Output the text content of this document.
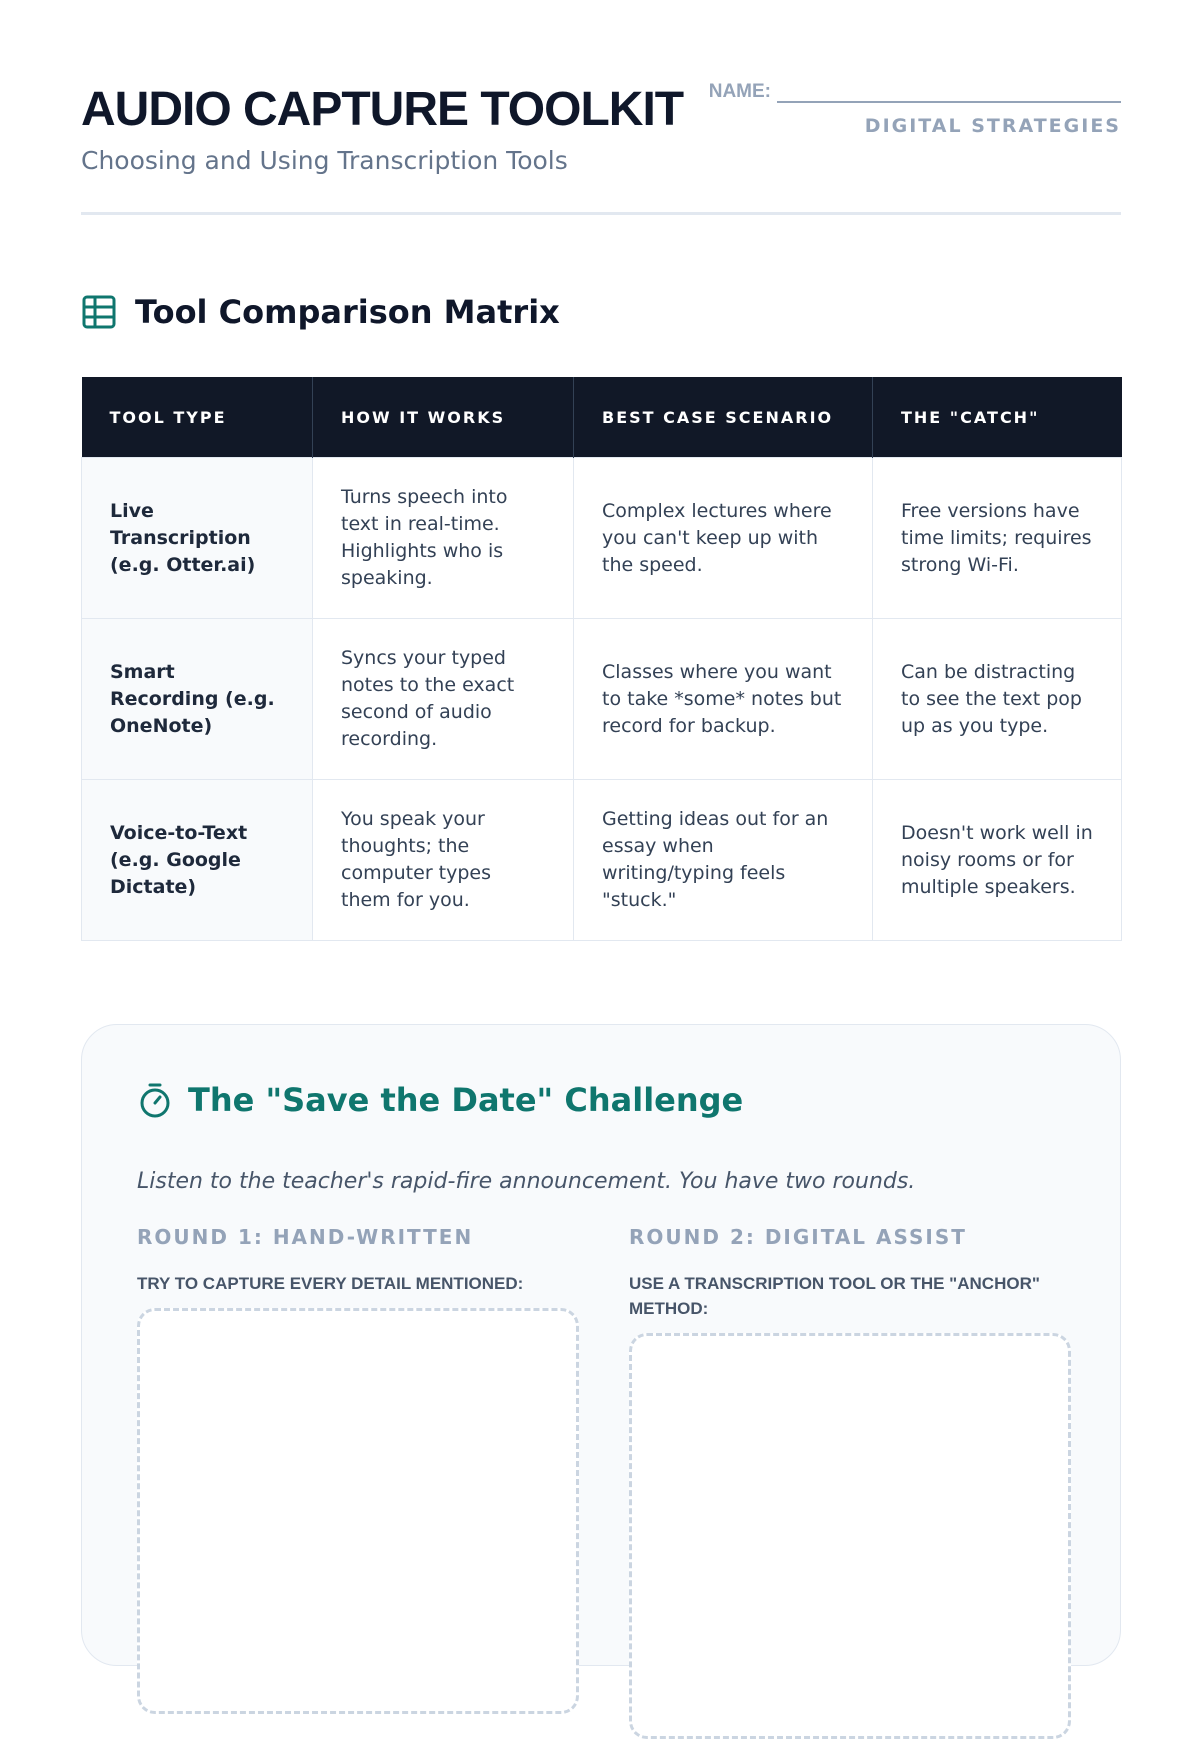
AUDIO CAPTURE TOOLKIT
Choosing and Using Transcription Tools
NAME:
DIGITAL STRATEGIES
Tool Comparison Matrix
TOOL TYPE	HOW IT WORKS	BEST CASE SCENARIO	THE "CATCH"
Live Transcription (e.g. Otter.ai)	Turns speech into text in real-time. Highlights who is speaking.	Complex lectures where you can't keep up with the speed.	Free versions have time limits; requires strong Wi-Fi.
Smart Recording (e.g. OneNote)	Syncs your typed notes to the exact second of audio recording.	Classes where you want to take *some* notes but record for backup.	Can be distracting to see the text pop up as you type.
Voice-to-Text (e.g. Google Dictate)	You speak your thoughts; the computer types them for you.	Getting ideas out for an essay when writing/typing feels "stuck."	Doesn't work well in noisy rooms or for multiple speakers.
The "Save the Date" Challenge
Listen to the teacher's rapid-fire announcement. You have two rounds.
ROUND 1: HAND-WRITTEN
TRY TO CAPTURE EVERY DETAIL MENTIONED:
ROUND 2: DIGITAL ASSIST
USE A TRANSCRIPTION TOOL OR THE "ANCHOR" METHOD:
